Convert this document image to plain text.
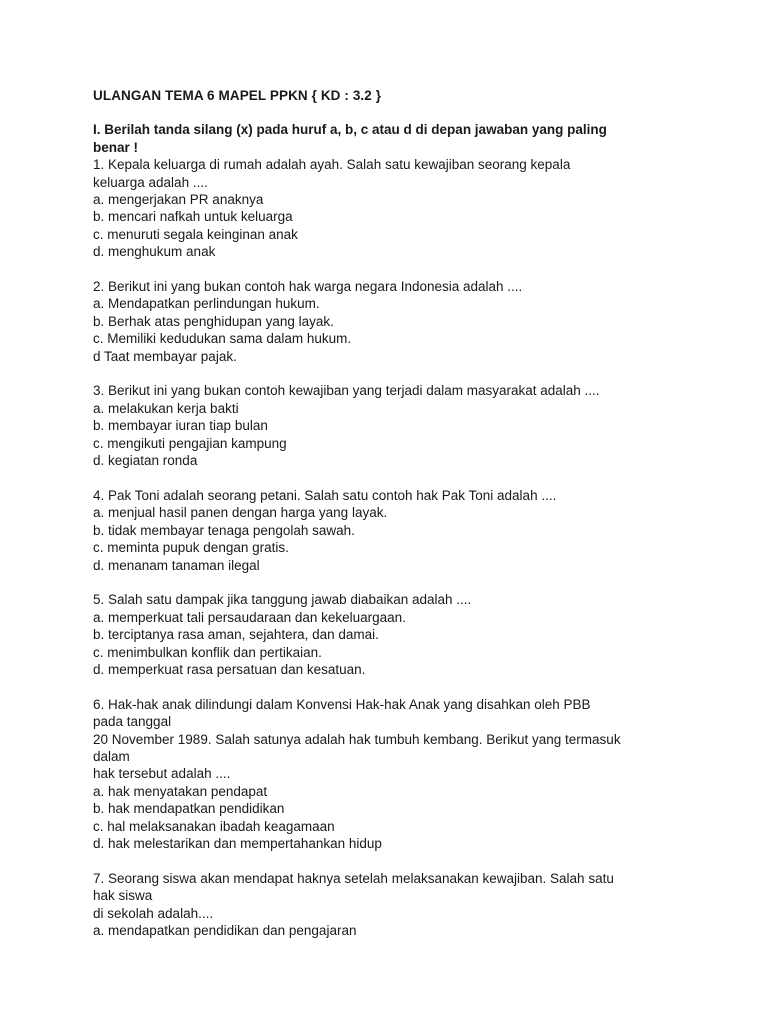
ULANGAN TEMA 6 MAPEL PPKN { KD : 3.2 }
I. Berilah tanda silang (x) pada huruf a, b, c atau d di depan jawaban yang paling
benar !
1. Kepala keluarga di rumah adalah ayah. Salah satu kewajiban seorang kepala
keluarga adalah ....
a. mengerjakan PR anaknya
b. mencari nafkah untuk keluarga
c. menuruti segala keinginan anak
d. menghukum anak
2. Berikut ini yang bukan contoh hak warga negara Indonesia adalah ....
a. Mendapatkan perlindungan hukum.
b. Berhak atas penghidupan yang layak.
c. Memiliki kedudukan sama dalam hukum.
d Taat membayar pajak.
3. Berikut ini yang bukan contoh kewajiban yang terjadi dalam masyarakat adalah ....
a. melakukan kerja bakti
b. membayar iuran tiap bulan
c. mengikuti pengajian kampung
d. kegiatan ronda
4. Pak Toni adalah seorang petani. Salah satu contoh hak Pak Toni adalah ....
a. menjual hasil panen dengan harga yang layak.
b. tidak membayar tenaga pengolah sawah.
c. meminta pupuk dengan gratis.
d. menanam tanaman ilegal
5. Salah satu dampak jika tanggung jawab diabaikan adalah ....
a. memperkuat tali persaudaraan dan kekeluargaan.
b. terciptanya rasa aman, sejahtera, dan damai.
c. menimbulkan konflik dan pertikaian.
d. memperkuat rasa persatuan dan kesatuan.
6. Hak-hak anak dilindungi dalam Konvensi Hak-hak Anak yang disahkan oleh PBB
pada tanggal
20 November 1989. Salah satunya adalah hak tumbuh kembang. Berikut yang termasuk
dalam
hak tersebut adalah ....
a. hak menyatakan pendapat
b. hak mendapatkan pendidikan
c. hal melaksanakan ibadah keagamaan
d. hak melestarikan dan mempertahankan hidup
7. Seorang siswa akan mendapat haknya setelah melaksanakan kewajiban. Salah satu
hak siswa
di sekolah adalah....
a. mendapatkan pendidikan dan pengajaran
